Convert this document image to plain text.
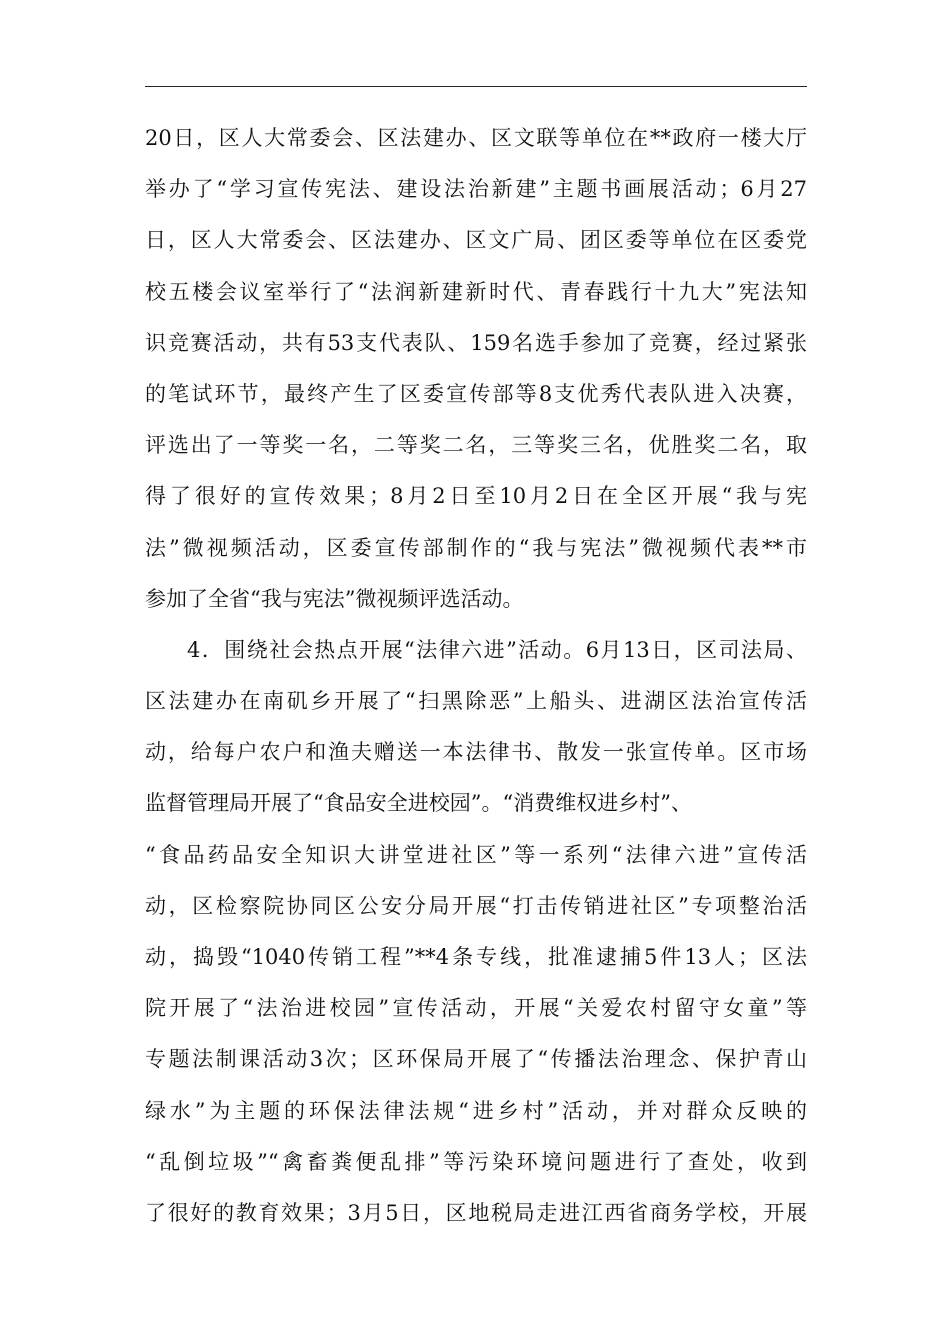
20日，区人大常委会、区法建办、区文联等单位在**政府一楼大厅
举办了“学习宣传宪法、建设法治新建”主题书画展活动；6月27
日，区人大常委会、区法建办、区文广局、团区委等单位在区委党
校五楼会议室举行了“法润新建新时代、青春践行十九大”宪法知
识竞赛活动，共有53支代表队、159名选手参加了竞赛，经过紧张
的笔试环节，最终产生了区委宣传部等8支优秀代表队进入决赛，
评选出了一等奖一名，二等奖二名，三等奖三名，优胜奖二名，取
得了很好的宣传效果；8月2日至10月2日在全区开展“我与宪
法”微视频活动，区委宣传部制作的“我与宪法”微视频代表**市
参加了全省“我与宪法”微视频评选活动。
4．围绕社会热点开展“法律六进”活动。6月13日，区司法局、
区法建办在南矶乡开展了“扫黑除恶”上船头、进湖区法治宣传活
动，给每户农户和渔夫赠送一本法律书、散发一张宣传单。区市场
监督管理局开展了“食品安全进校园”。“消费维权进乡村”、
“食品药品安全知识大讲堂进社区”等一系列“法律六进”宣传活
动，区检察院协同区公安分局开展“打击传销进社区”专项整治活
动，捣毁“1040传销工程”**4条专线，批准逮捕5件13人；区法
院开展了“法治进校园”宣传活动，开展“关爱农村留守女童”等
专题法制课活动3次；区环保局开展了“传播法治理念、保护青山
绿水”为主题的环保法律法规“进乡村”活动，并对群众反映的
“乱倒垃圾”“禽畜粪便乱排”等污染环境问题进行了查处，收到
了很好的教育效果；3月5日，区地税局走进江西省商务学校，开展
